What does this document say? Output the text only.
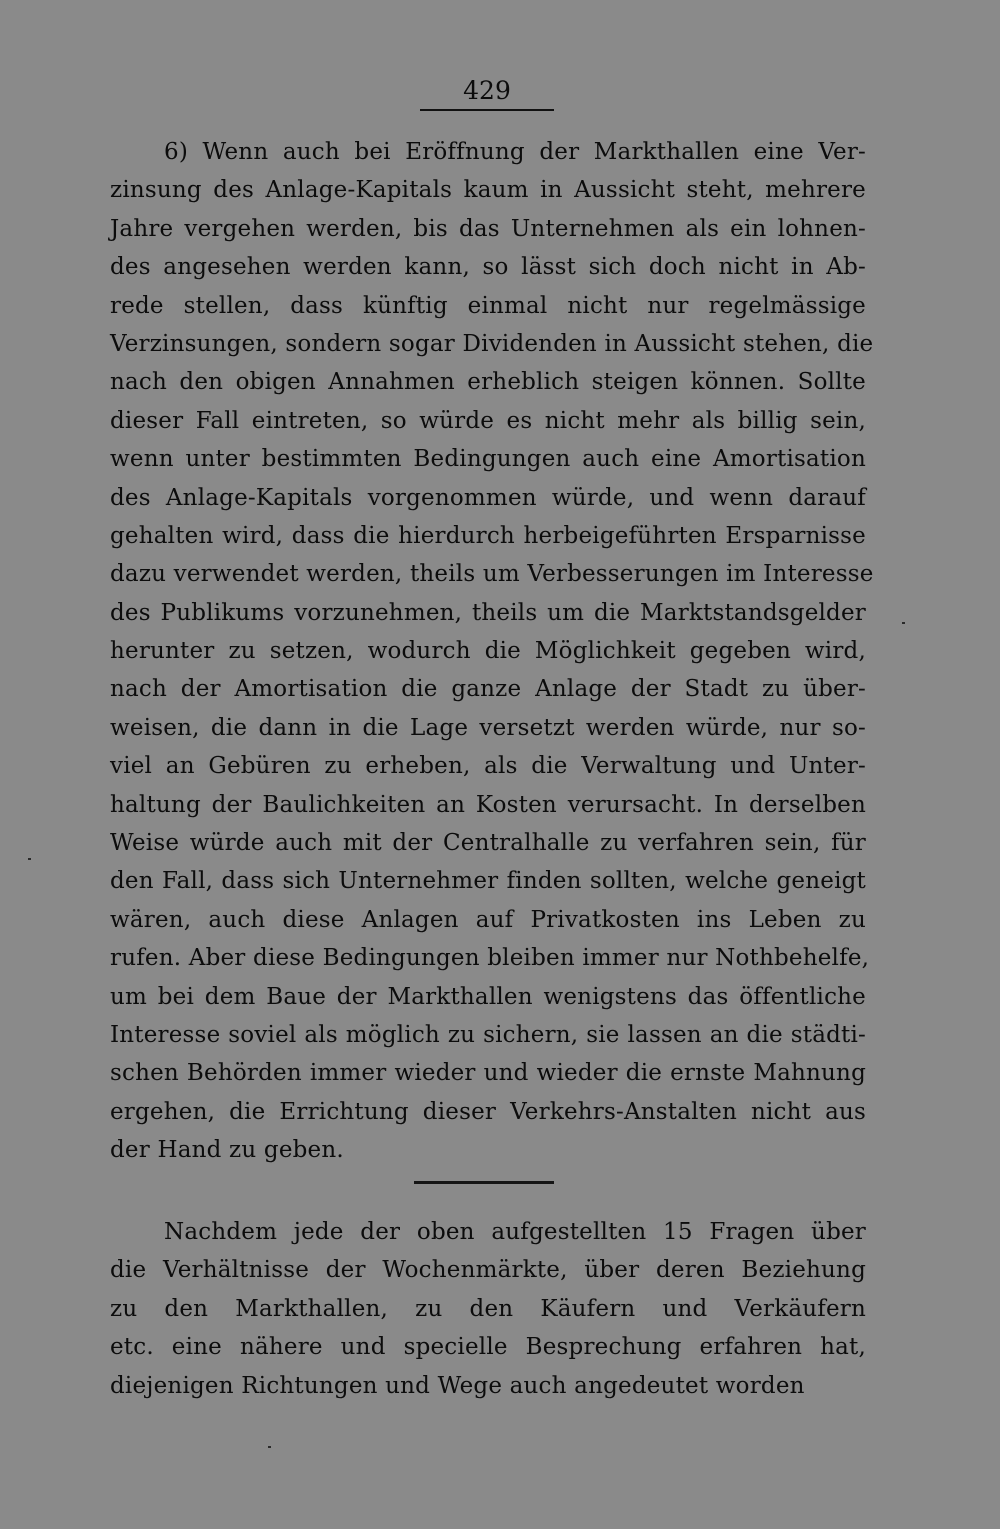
429
6) Wenn auch bei Eröffnung der Markthallen eine Ver-
zinsung des Anlage-Kapitals kaum in Aussicht steht, mehrere
Jahre vergehen werden, bis das Unternehmen als ein lohnen-
des angesehen werden kann, so lässt sich doch nicht in Ab-
rede stellen, dass künftig einmal nicht nur regelmässige
Verzinsungen, sondern sogar Dividenden in Aussicht stehen, die
nach den obigen Annahmen erheblich steigen können. Sollte
dieser Fall eintreten, so würde es nicht mehr als billig sein,
wenn unter bestimmten Bedingungen auch eine Amortisation
des Anlage-Kapitals vorgenommen würde, und wenn darauf
gehalten wird, dass die hierdurch herbeigeführten Ersparnisse
dazu verwendet werden, theils um Verbesserungen im Interesse
des Publikums vorzunehmen, theils um die Marktstandsgelder
herunter zu setzen, wodurch die Möglichkeit gegeben wird,
nach der Amortisation die ganze Anlage der Stadt zu über-
weisen, die dann in die Lage versetzt werden würde, nur so-
viel an Gebüren zu erheben, als die Verwaltung und Unter-
haltung der Baulichkeiten an Kosten verursacht. In derselben
Weise würde auch mit der Centralhalle zu verfahren sein, für
den Fall, dass sich Unternehmer finden sollten, welche geneigt
wären, auch diese Anlagen auf Privatkosten ins Leben zu
rufen. Aber diese Bedingungen bleiben immer nur Nothbehelfe,
um bei dem Baue der Markthallen wenigstens das öffentliche
Interesse soviel als möglich zu sichern, sie lassen an die städti-
schen Behörden immer wieder und wieder die ernste Mahnung
ergehen, die Errichtung dieser Verkehrs-Anstalten nicht aus
der Hand zu geben.
Nachdem jede der oben aufgestellten 15 Fragen über
die Verhältnisse der Wochenmärkte, über deren Beziehung
zu den Markthallen, zu den Käufern und Verkäufern
etc. eine nähere und specielle Besprechung erfahren hat,
diejenigen Richtungen und Wege auch angedeutet worden
